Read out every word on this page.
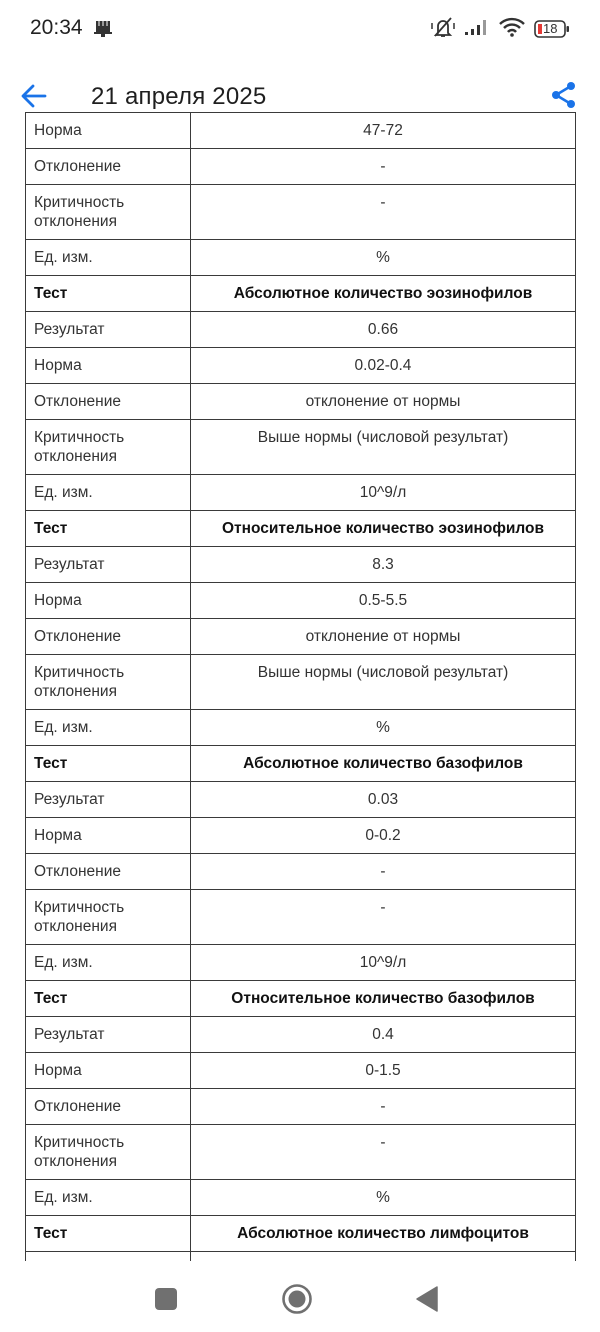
20:34	18
21 апреля 2025
Норма	47-72
Отклонение	-
Критичность отклонения	-
Ед. изм.	%
Тест	Абсолютное количество эозинофилов
Результат	0.66
Норма	0.02-0.4
Отклонение	отклонение от нормы
Критичность отклонения	Выше нормы (числовой результат)
Ед. изм.	10^9/л
Тест	Относительное количество эозинофилов
Результат	8.3
Норма	0.5-5.5
Отклонение	отклонение от нормы
Критичность отклонения	Выше нормы (числовой результат)
Ед. изм.	%
Тест	Абсолютное количество базофилов
Результат	0.03
Норма	0-0.2
Отклонение	-
Критичность отклонения	-
Ед. изм.	10^9/л
Тест	Относительное количество базофилов
Результат	0.4
Норма	0-1.5
Отклонение	-
Критичность отклонения	-
Ед. изм.	%
Тест	Абсолютное количество лимфоцитов
